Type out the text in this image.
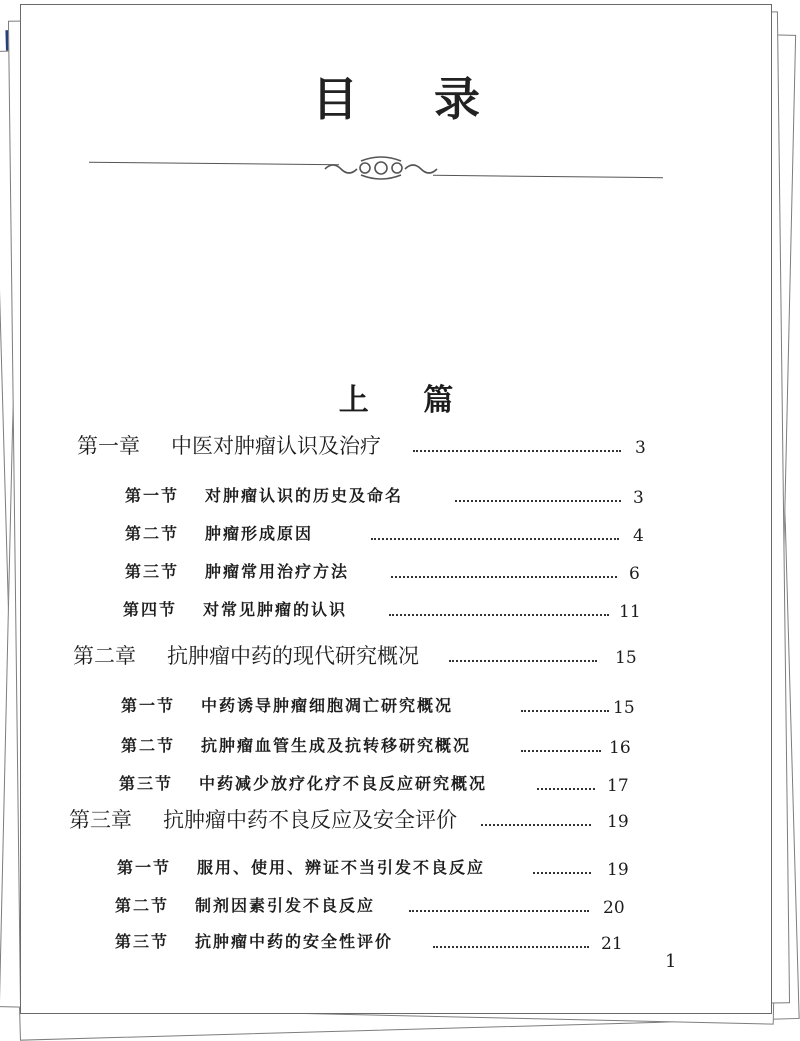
目 录
上 篇
第一章 中医对肿瘤认识及治疗	3
第一节 对肿瘤认识的历史及命名	3
第二节 肿瘤形成原因	4
第三节 肿瘤常用治疗方法	6
第四节 对常见肿瘤的认识	11
第二章 抗肿瘤中药的现代研究概况	15
第一节 中药诱导肿瘤细胞凋亡研究概况	15
第二节 抗肿瘤血管生成及抗转移研究概况	16
第三节 中药减少放疗化疗不良反应研究概况	17
第三章 抗肿瘤中药不良反应及安全评价	19
第一节 服用、使用、辨证不当引发不良反应	19
第二节 制剂因素引发不良反应	20
第三节 抗肿瘤中药的安全性评价	21
1
